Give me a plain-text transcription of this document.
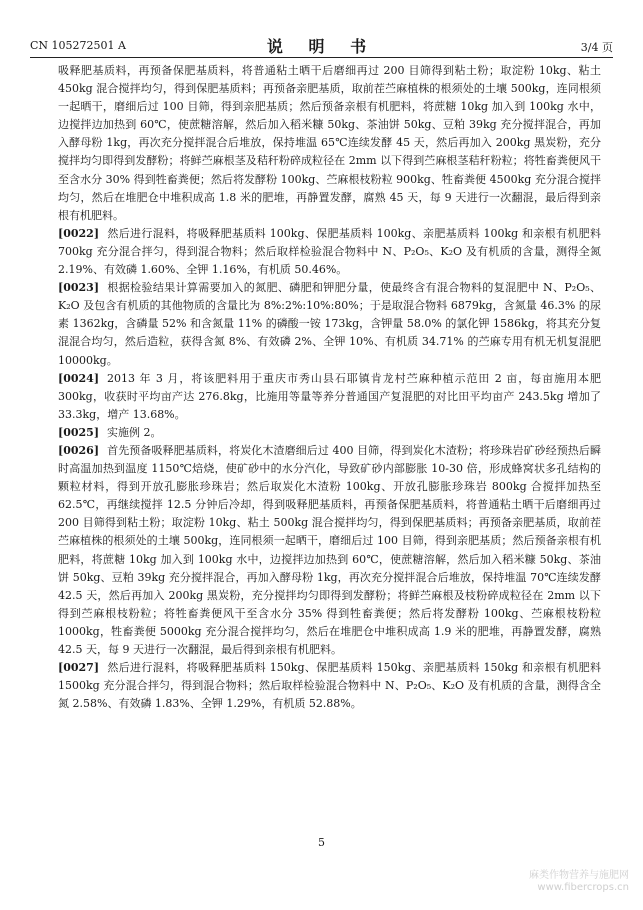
CN 105272501 A	说 明 书	3/4 页

吸释肥基质料，再预备保肥基质料，将普通粘土晒干后磨细再过 200 目筛得到粘土粉；取淀粉 10kg、粘土 450kg 混合搅拌均匀，得到保肥基质料；再预备亲肥基质，取前茬苎麻植株的根须处的土壤 500kg，连同根须一起晒干，磨细后过 100 目筛，得到亲肥基质；然后预备亲根有机肥料，将蔗糖 10kg 加入到 100kg 水中，边搅拌边加热到 60℃，使蔗糖溶解，然后加入稻米糠 50kg、茶油饼 50kg、豆粕 39kg 充分搅拌混合，再加入酵母粉 1kg，再次充分搅拌混合后堆放，保持堆温 65℃连续发酵 45 天，然后再加入 200kg 黑炭粉，充分搅拌均匀即得到发酵粉；将鲜苎麻根茎及秸秆粉碎成粒径在 2mm 以下得到苎麻根茎秸秆粉粒；将牲畜粪便风干至含水分 30% 得到牲畜粪便；然后将发酵粉 100kg、苎麻根枝粉粒 900kg、牲畜粪便 4500kg 充分混合搅拌均匀，然后在堆肥仓中堆积成高 1.8 米的肥堆，再静置发酵，腐熟 45 天，每 9 天进行一次翻混，最后得到亲根有机肥料。

[0022] 然后进行混料，将吸释肥基质料 100kg、保肥基质料 100kg、亲肥基质料 100kg 和亲根有机肥料 700kg 充分混合拌匀，得到混合物料；然后取样检验混合物料中 N、P₂O₅、K₂O 及有机质的含量，测得全氮 2.19%、有效磷 1.60%、全钾 1.16%，有机质 50.46%。

[0023] 根据检验结果计算需要加入的氮肥、磷肥和钾肥分量，使最终含有混合物料的复混肥中 N、P₂O₅、K₂O 及包含有机质的其他物质的含量比为 8%:2%:10%:80%；于是取混合物料 6879kg，含氮量 46.3% 的尿素 1362kg，含磷量 52% 和含氮量 11% 的磷酸一铵 173kg，含钾量 58.0% 的氯化钾 1586kg，将其充分复混混合均匀，然后造粒，获得含氮 8%、有效磷 2%、全钾 10%、有机质 34.71% 的苎麻专用有机无机复混肥 10000kg。

[0024] 2013 年 3 月，将该肥料用于重庆市秀山县石耶镇肯龙村苎麻种植示范田 2 亩，每亩施用本肥 300kg，收获时平均亩产达 276.8kg，比施用等量等养分普通国产复混肥的对比田平均亩产 243.5kg 增加了 33.3kg，增产 13.68%。

[0025] 实施例 2。

[0026] 首先预备吸释肥基质料，将炭化木渣磨细后过 400 目筛，得到炭化木渣粉；将珍珠岩矿砂经预热后瞬时高温加热到温度 1150℃焙烧，使矿砂中的水分汽化，导致矿砂内部膨胀 10-30 倍，形成蜂窝状多孔结构的颗粒材料，得到开放孔膨胀珍珠岩；然后取炭化木渣粉 100kg、开放孔膨胀珍珠岩 800kg 合搅拌加热至 62.5℃，再继续搅拌 12.5 分钟后冷却，得到吸释肥基质料，再预备保肥基质料，将普通粘土晒干后磨细再过 200 目筛得到粘土粉；取淀粉 10kg、粘土 500kg 混合搅拌均匀，得到保肥基质料；再预备亲肥基质，取前茬苎麻植株的根须处的土壤 500kg，连同根须一起晒干，磨细后过 100 目筛，得到亲肥基质；然后预备亲根有机肥料，将蔗糖 10kg 加入到 100kg 水中，边搅拌边加热到 60℃，使蔗糖溶解，然后加入稻米糠 50kg、茶油饼 50kg、豆粕 39kg 充分搅拌混合，再加入酵母粉 1kg，再次充分搅拌混合后堆放，保持堆温 70℃连续发酵 42.5 天，然后再加入 200kg 黑炭粉，充分搅拌均匀即得到发酵粉；将鲜苎麻根及枝粉碎成粒径在 2mm 以下得到苎麻根枝粉粒；将牲畜粪便风干至含水分 35% 得到牲畜粪便；然后将发酵粉 100kg、苎麻根枝粉粒 1000kg，牲畜粪便 5000kg 充分混合搅拌均匀，然后在堆肥仓中堆积成高 1.9 米的肥堆，再静置发酵，腐熟 42.5 天，每 9 天进行一次翻混，最后得到亲根有机肥料。

[0027] 然后进行混料，将吸释肥基质料 150kg、保肥基质料 150kg、亲肥基质料 150kg 和亲根有机肥料 1500kg 充分混合拌匀，得到混合物料；然后取样检验混合物料中 N、P₂O₅、K₂O 及有机质的含量，测得含全氮 2.58%、有效磷 1.83%、全钾 1.29%，有机质 52.88%。

5
麻类作物营养与施肥网 www.fibercrops.cn
